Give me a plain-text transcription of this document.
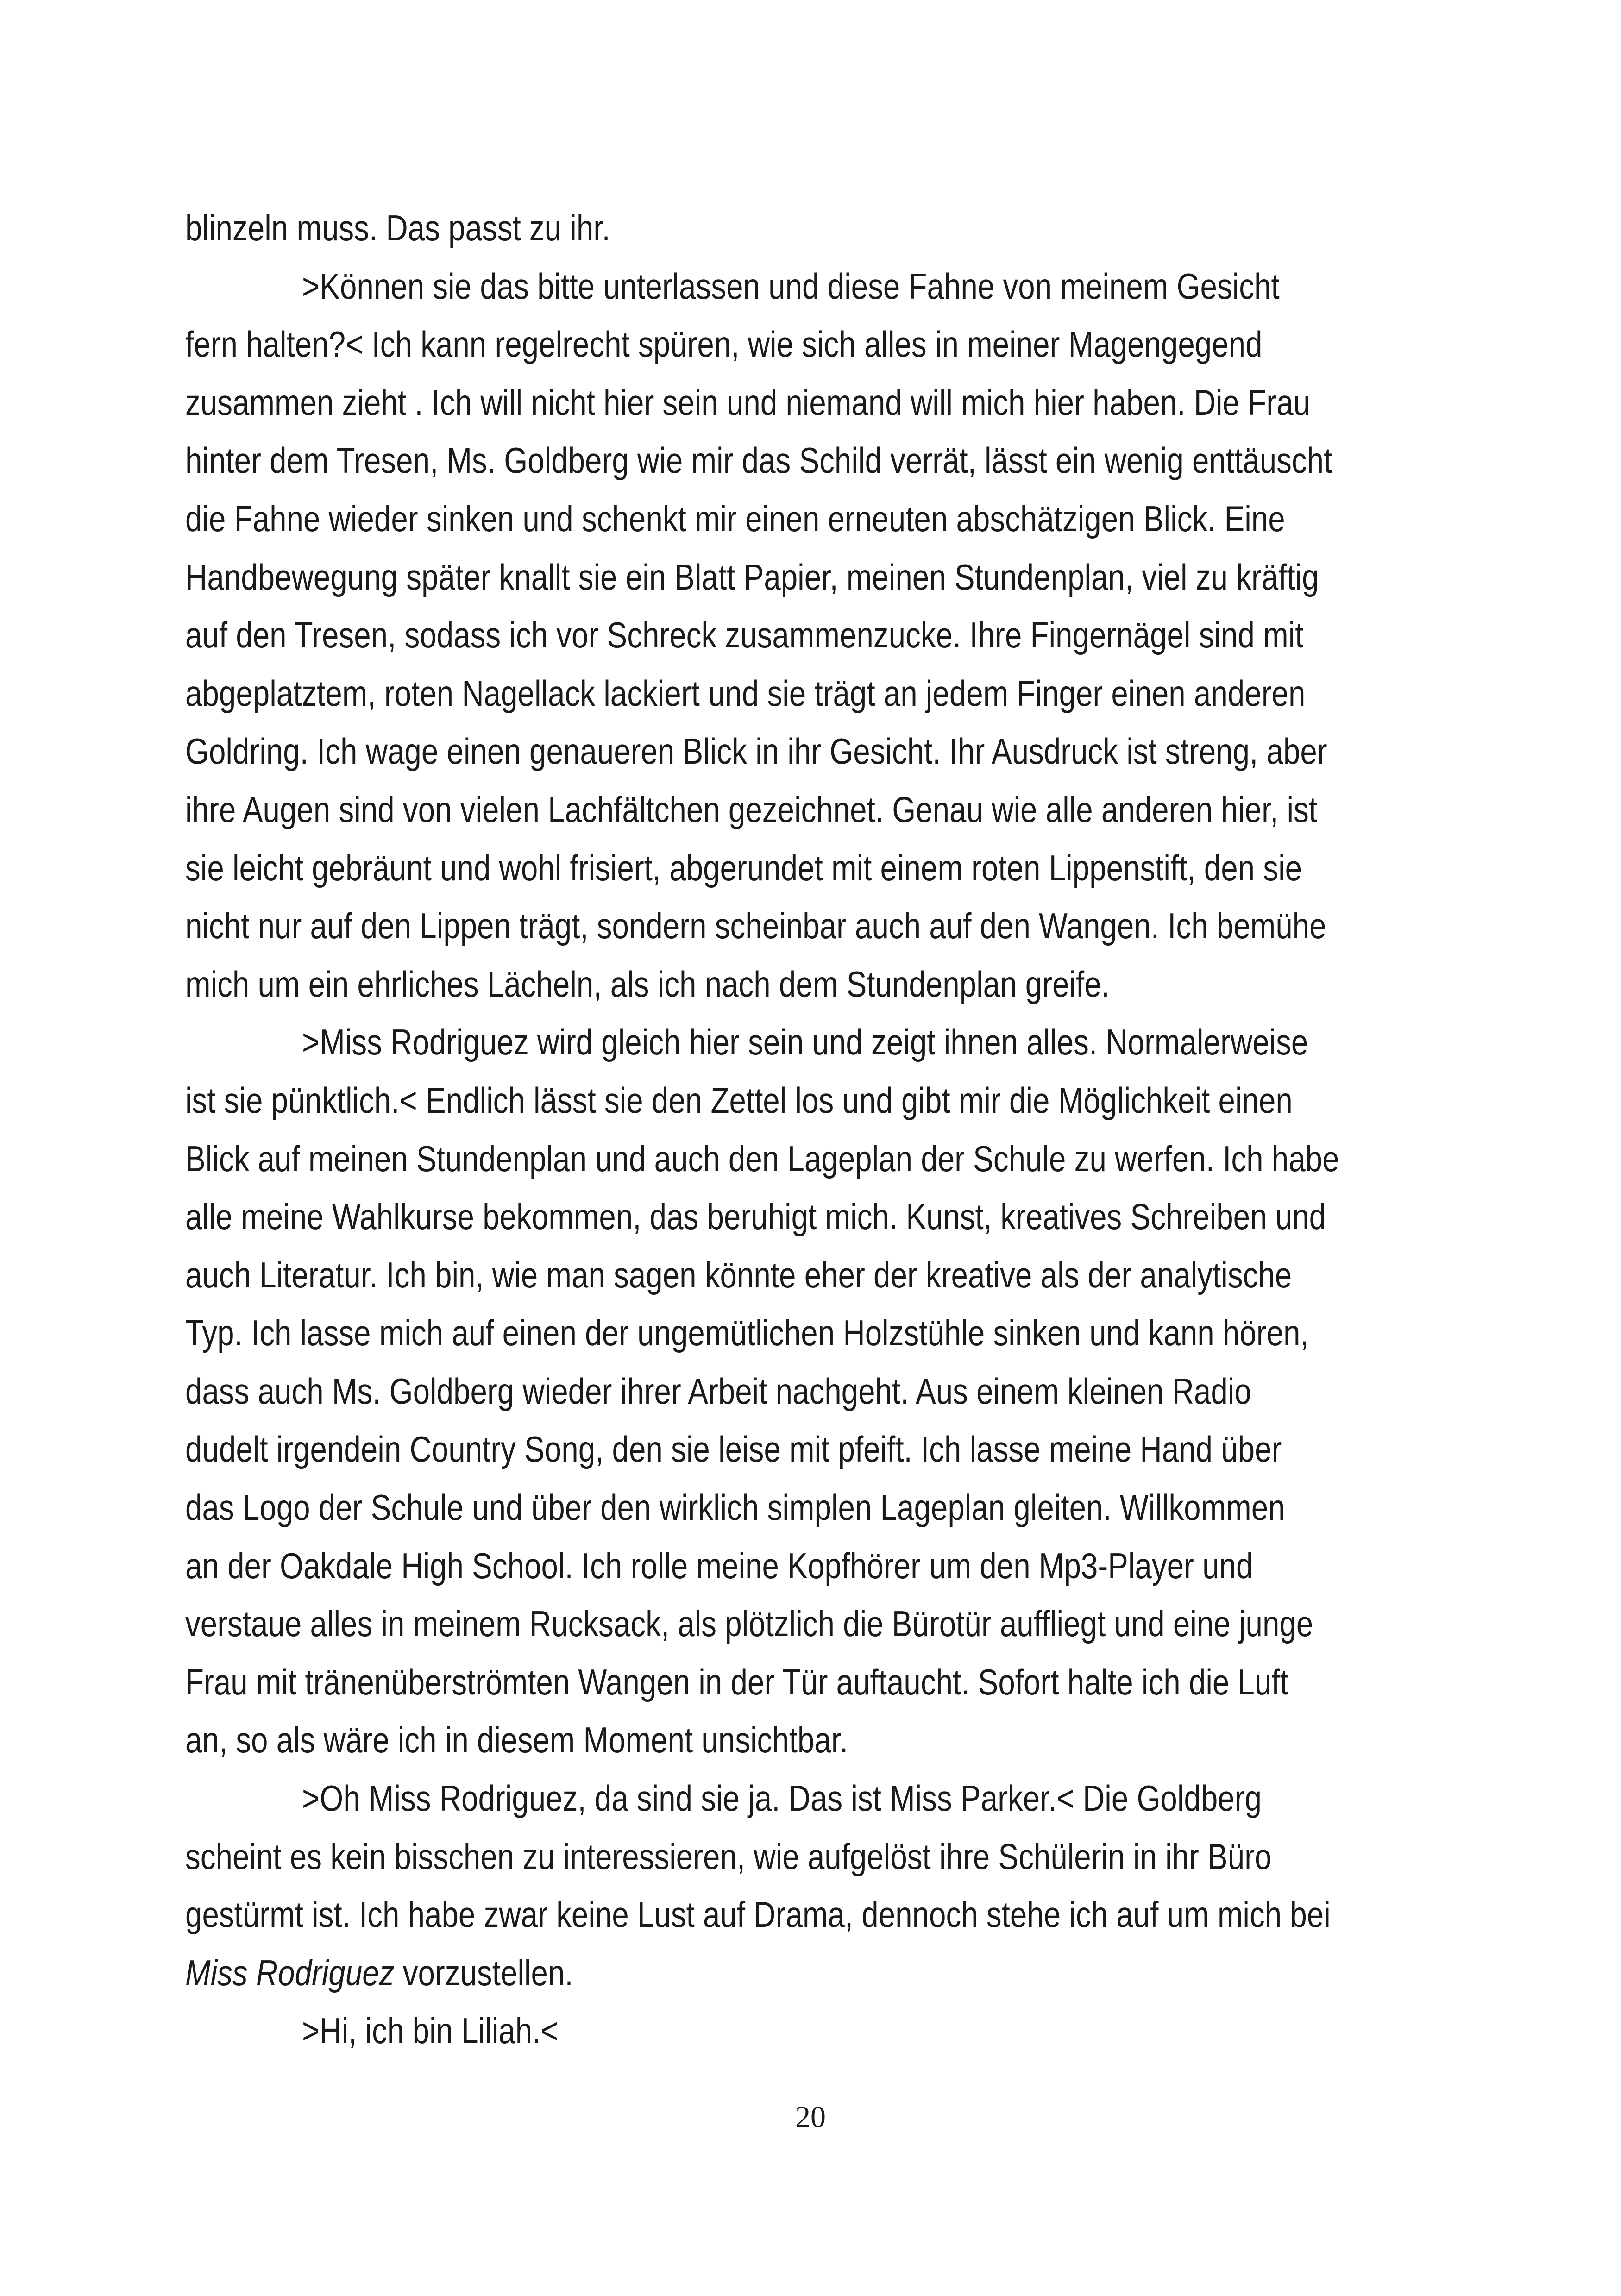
blinzeln muss. Das passt zu ihr.
>Können sie das bitte unterlassen und diese Fahne von meinem Gesicht
fern halten?< Ich kann regelrecht spüren, wie sich alles in meiner Magengegend
zusammen zieht . Ich will nicht hier sein und niemand will mich hier haben. Die Frau
hinter dem Tresen, Ms. Goldberg wie mir das Schild verrät, lässt ein wenig enttäuscht
die Fahne wieder sinken und schenkt mir einen erneuten abschätzigen Blick. Eine
Handbewegung später knallt sie ein Blatt Papier, meinen Stundenplan, viel zu kräftig
auf den Tresen, sodass ich vor Schreck zusammenzucke. Ihre Fingernägel sind mit
abgeplatztem, roten Nagellack lackiert und sie trägt an jedem Finger einen anderen
Goldring. Ich wage einen genaueren Blick in ihr Gesicht. Ihr Ausdruck ist streng, aber
ihre Augen sind von vielen Lachfältchen gezeichnet. Genau wie alle anderen hier, ist
sie leicht gebräunt und wohl frisiert, abgerundet mit einem roten Lippenstift, den sie
nicht nur auf den Lippen trägt, sondern scheinbar auch auf den Wangen. Ich bemühe
mich um ein ehrliches Lächeln, als ich nach dem Stundenplan greife.
>Miss Rodriguez wird gleich hier sein und zeigt ihnen alles. Normalerweise
ist sie pünktlich.< Endlich lässt sie den Zettel los und gibt mir die Möglichkeit einen
Blick auf meinen Stundenplan und auch den Lageplan der Schule zu werfen. Ich habe
alle meine Wahlkurse bekommen, das beruhigt mich. Kunst, kreatives Schreiben und
auch Literatur. Ich bin, wie man sagen könnte eher der kreative als der analytische
Typ. Ich lasse mich auf einen der ungemütlichen Holzstühle sinken und kann hören,
dass auch Ms. Goldberg wieder ihrer Arbeit nachgeht. Aus einem kleinen Radio
dudelt irgendein Country Song, den sie leise mit pfeift. Ich lasse meine Hand über
das Logo der Schule und über den wirklich simplen Lageplan gleiten. Willkommen
an der Oakdale High School. Ich rolle meine Kopfhörer um den Mp3-Player und
verstaue alles in meinem Rucksack, als plötzlich die Bürotür auffliegt und eine junge
Frau mit tränenüberströmten Wangen in der Tür auftaucht. Sofort halte ich die Luft
an, so als wäre ich in diesem Moment unsichtbar.
>Oh Miss Rodriguez, da sind sie ja. Das ist Miss Parker.< Die Goldberg
scheint es kein bisschen zu interessieren, wie aufgelöst ihre Schülerin in ihr Büro
gestürmt ist. Ich habe zwar keine Lust auf Drama, dennoch stehe ich auf um mich bei
Miss Rodriguez vorzustellen.
>Hi, ich bin Liliah.<
20
